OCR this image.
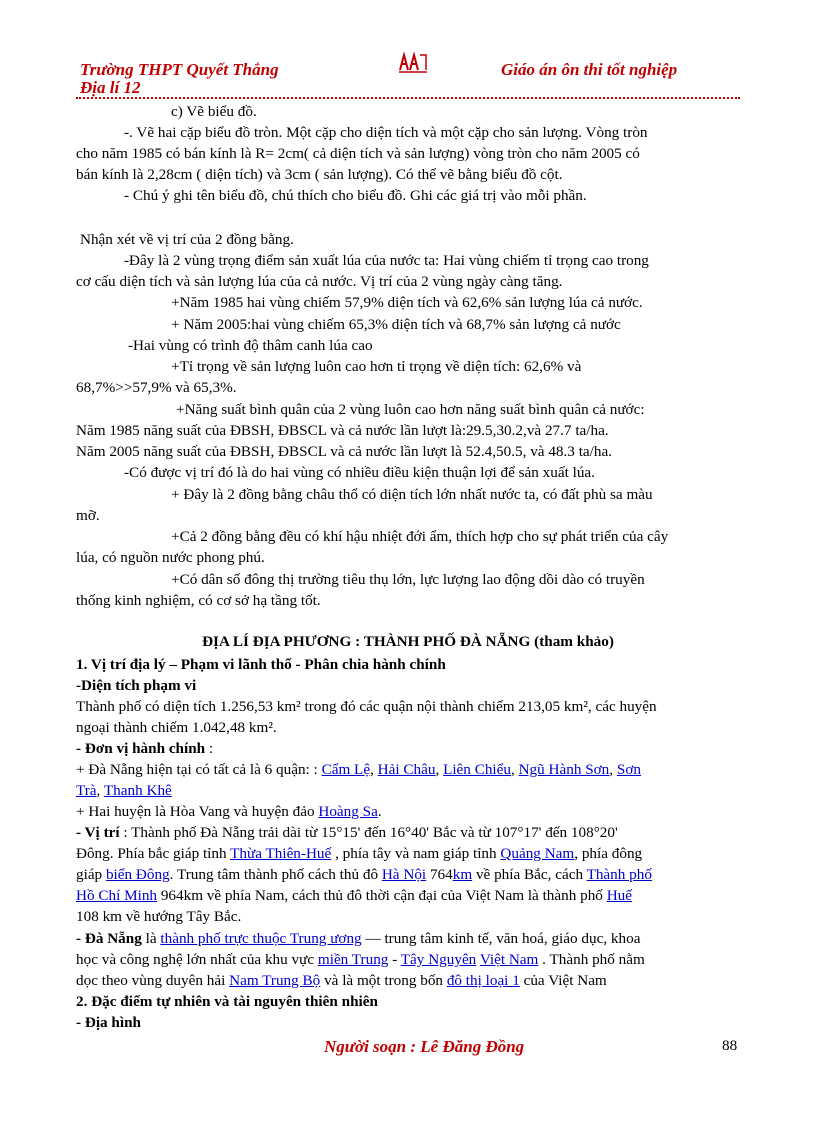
Trường THPT Quyết Thắng
Địa lí 12
Giáo án ôn thi tốt nghiệp
c) Vẽ biểu đồ.
-. Vẽ hai cặp biểu đồ tròn. Một cặp cho diện tích và một cặp cho sản lượng. Vòng tròn
cho năm 1985 có bán kính là R= 2cm( cả diện tích và sản lượng) vòng tròn cho năm 2005 có
bán kính là 2,28cm ( diện tích) và 3cm ( sản lượng). Có thể vẽ bằng biểu đồ cột.
- Chú ý ghi tên biểu đồ, chú thích cho biểu đồ. Ghi các giá trị vào mỗi phần.
Nhận xét về vị trí của 2 đồng bằng.
-Đây là 2 vùng trọng điểm sản xuất lúa của nước ta: Hai vùng chiếm tỉ trọng cao trong
cơ cấu diện tích và sản lượng lúa của cả nước. Vị trí của 2 vùng ngày càng tăng.
+Năm 1985 hai vùng chiếm 57,9% diện tích và 62,6% sản lượng lúa cả nước.
+ Năm 2005:hai vùng chiếm 65,3% diện tích và 68,7% sản lượng cả nước
-Hai vùng có trình độ thâm canh lúa cao
+Tỉ trọng về sản lượng luôn cao hơn tỉ trọng về diện tích: 62,6% và
68,7%>>57,9% và 65,3%.
+Năng suất bình quân của 2 vùng luôn cao hơn năng suất bình quân cả nước:
Năm 1985 năng suất của ĐBSH, ĐBSCL và cả nước lần lượt là:29.5,30.2,và 27.7 ta/ha.
Năm 2005 năng suất của ĐBSH, ĐBSCL và cả nước lần lượt là 52.4,50.5, và 48.3 ta/ha.
-Có được vị trí đó là do hai vùng có nhiều điều kiện thuận lợi để sản xuất lúa.
+ Đây là 2 đồng bằng châu thổ có diện tích lớn nhất nước ta, có đất phù sa màu
mỡ.
+Cả 2 đồng bằng đều có khí hậu nhiệt đới ẩm, thích hợp cho sự phát triển của cây
lúa, có nguồn nước phong phú.
+Có dân số đông thị trường tiêu thụ lớn, lực lượng lao động dồi dào có truyền
thống kinh nghiệm, có cơ sở hạ tầng tốt.
ĐỊA LÍ ĐỊA PHƯƠNG : THÀNH PHỐ ĐÀ NẴNG (tham khảo)
1. Vị trí địa lý – Phạm vi lãnh thổ - Phân chia hành chính
-Diện tích phạm vi
Thành phố có diện tích 1.256,53 km² trong đó các quận nội thành chiếm 213,05 km², các huyện
ngoại thành chiếm 1.042,48 km².
- Đơn vị hành chính :
+ Đà Nẵng hiện tại có tất cả là 6 quận: : Cẩm Lệ, Hải Châu, Liên Chiểu, Ngũ Hành Sơn, Sơn
Trà, Thanh Khê
+ Hai huyện là Hòa Vang và huyện đảo Hoàng Sa.
- Vị trí : Thành phố Đà Nẵng trải dài từ 15°15' đến 16°40' Bắc và từ 107°17' đến 108°20'
Đông. Phía bắc giáp tỉnh Thừa Thiên-Huế , phía tây và nam giáp tỉnh Quảng Nam, phía đông
giáp biển Đông. Trung tâm thành phố cách thủ đô Hà Nội 764km về phía Bắc, cách Thành phố
Hồ Chí Minh 964km về phía Nam, cách thủ đô thời cận đại của Việt Nam là thành phố Huế
108 km về hướng Tây Bắc.
- Đà Nẵng là thành phố trực thuộc Trung ương — trung tâm kinh tế, văn hoá, giáo dục, khoa
học và công nghệ lớn nhất của khu vực miền Trung - Tây Nguyên Việt Nam . Thành phố nằm
dọc theo vùng duyên hải Nam Trung Bộ và là một trong bốn đô thị loại 1 của Việt Nam
2. Đặc điểm tự nhiên và tài nguyên thiên nhiên
- Địa hình
Người soạn : Lê Đăng Đồng	88
